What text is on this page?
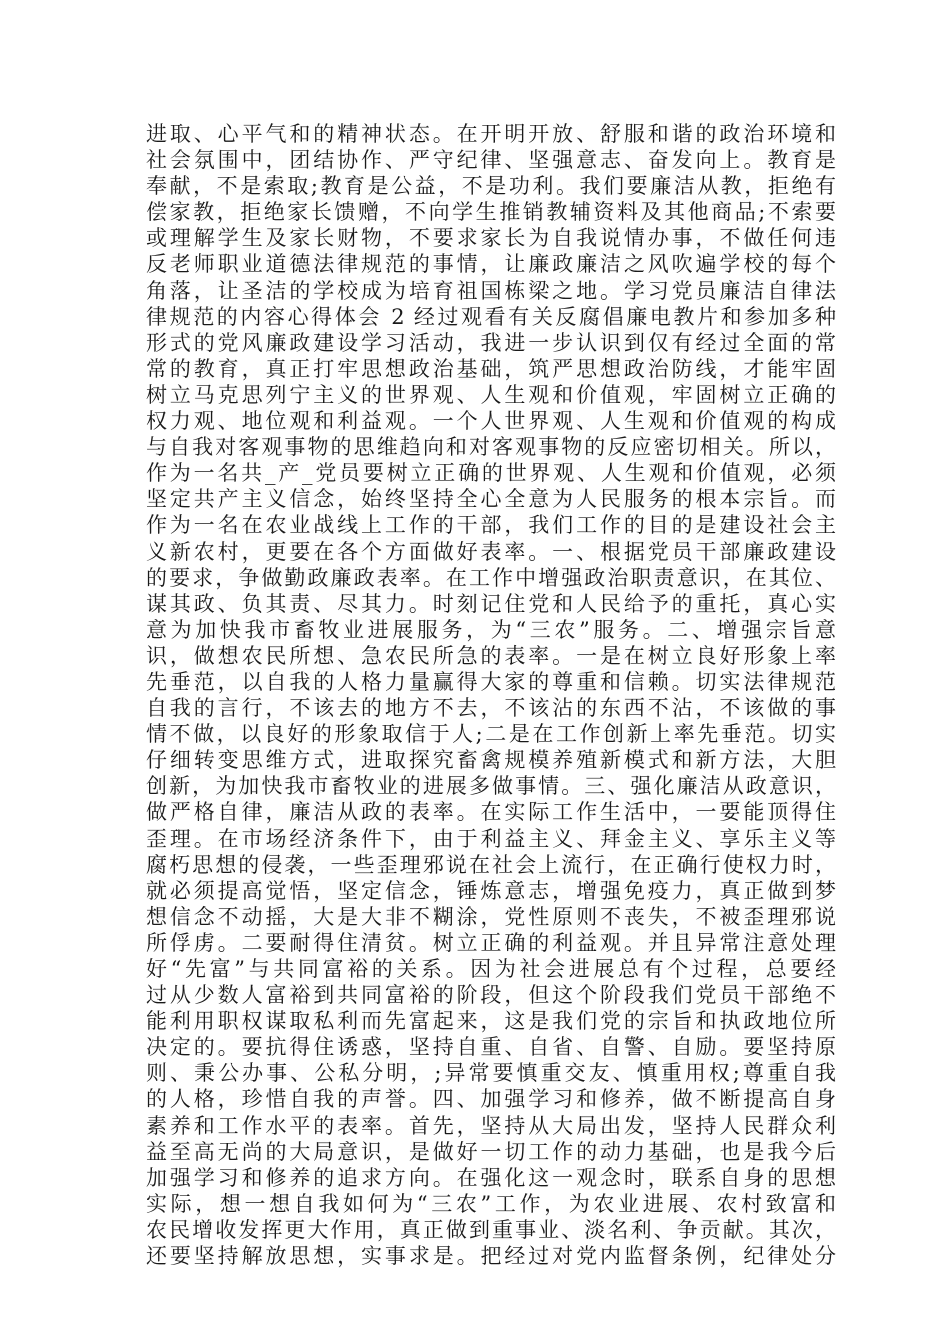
进取、心平气和的精神状态。在开明开放、舒服和谐的政治环境和
社会氛围中，团结协作、严守纪律、坚强意志、奋发向上。教育是
奉献，不是索取;教育是公益，不是功利。我们要廉洁从教，拒绝有
偿家教，拒绝家长馈赠，不向学生推销教辅资料及其他商品;不索要
或理解学生及家长财物，不要求家长为自我说情办事，不做任何违
反老师职业道德法律规范的事情，让廉政廉洁之风吹遍学校的每个
角落，让圣洁的学校成为培育祖国栋梁之地。学习党员廉洁自律法
律规范的内容心得体会 2 经过观看有关反腐倡廉电教片和参加多种
形式的党风廉政建设学习活动，我进一步认识到仅有经过全面的常
常的教育，真正打牢思想政治基础，筑严思想政治防线，才能牢固
树立马克思列宁主义的世界观、人生观和价值观，牢固树立正确的
权力观、地位观和利益观。一个人世界观、人生观和价值观的构成
与自我对客观事物的思维趋向和对客观事物的反应密切相关。所以，
作为一名共_产_党员要树立正确的世界观、人生观和价值观，必须
坚定共产主义信念，始终坚持全心全意为人民服务的根本宗旨。而
作为一名在农业战线上工作的干部，我们工作的目的是建设社会主
义新农村，更要在各个方面做好表率。一、根据党员干部廉政建设
的要求，争做勤政廉政表率。在工作中增强政治职责意识，在其位、
谋其政、负其责、尽其力。时刻记住党和人民给予的重托，真心实
意为加快我市畜牧业进展服务，为“三农”服务。二、增强宗旨意
识，做想农民所想、急农民所急的表率。一是在树立良好形象上率
先垂范，以自我的人格力量赢得大家的尊重和信赖。切实法律规范
自我的言行，不该去的地方不去，不该沾的东西不沾，不该做的事
情不做，以良好的形象取信于人;二是在工作创新上率先垂范。切实
仔细转变思维方式，进取探究畜禽规模养殖新模式和新方法，大胆
创新，为加快我市畜牧业的进展多做事情。三、强化廉洁从政意识，
做严格自律，廉洁从政的表率。在实际工作生活中，一要能顶得住
歪理。在市场经济条件下，由于利益主义、拜金主义、享乐主义等
腐朽思想的侵袭，一些歪理邪说在社会上流行，在正确行使权力时，
就必须提高觉悟，坚定信念，锤炼意志，增强免疫力，真正做到梦
想信念不动摇，大是大非不糊涂，党性原则不丧失，不被歪理邪说
所俘虏。二要耐得住清贫。树立正确的利益观。并且异常注意处理
好“先富”与共同富裕的关系。因为社会进展总有个过程，总要经
过从少数人富裕到共同富裕的阶段，但这个阶段我们党员干部绝不
能利用职权谋取私利而先富起来，这是我们党的宗旨和执政地位所
决定的。要抗得住诱惑，坚持自重、自省、自警、自励。要坚持原
则、秉公办事、公私分明，;异常要慎重交友、慎重用权;尊重自我
的人格，珍惜自我的声誉。四、加强学习和修养，做不断提高自身
素养和工作水平的表率。首先，坚持从大局出发，坚持人民群众利
益至高无尚的大局意识，是做好一切工作的动力基础，也是我今后
加强学习和修养的追求方向。在强化这一观念时，联系自身的思想
实际，想一想自我如何为“三农”工作，为农业进展、农村致富和
农民增收发挥更大作用，真正做到重事业、淡名利、争贡献。其次，
还要坚持解放思想，实事求是。把经过对党内监督条例，纪律处分
